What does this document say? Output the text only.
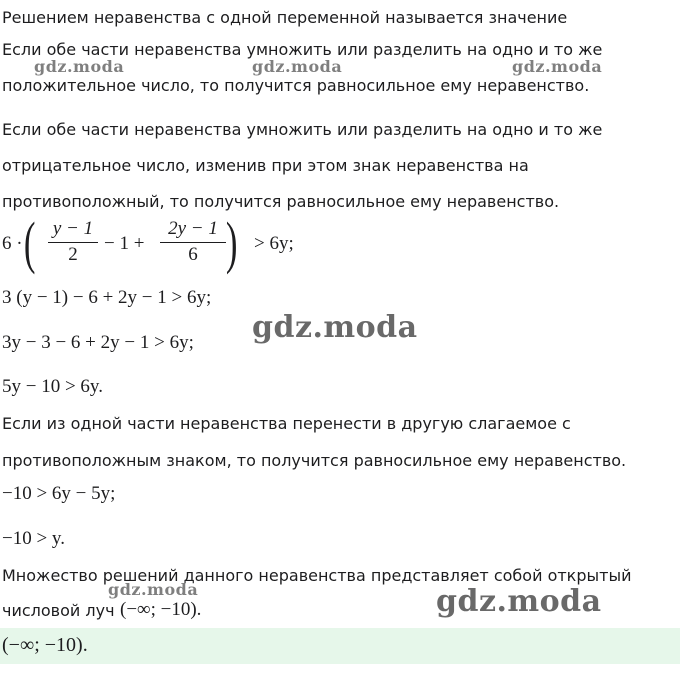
Решением неравенства с одной переменной называется значение
Если обе части неравенства умножить или разделить на одно и то же
положительное число, то получится равносильное ему неравенство.
Если обе части неравенства умножить или разделить на одно и то же
отрицательное число, изменив при этом знак неравенства на
противоположный, то получится равносильное ему неравенство.
6 · ( y − 1
2
− 1 +
2y − 1
6 ) > 6y;
3 (y − 1) − 6 + 2y − 1 > 6y;
3y − 3 − 6 + 2y − 1 > 6y;
5y − 10 > 6y.
Если из одной части неравенства перенести в другую слагаемое с
противоположным знаком, то получится равносильное ему неравенство.
−10 > 6y − 5y;
−10 > y.
Множество решений данного неравенства представляет собой открытый
числовой луч (−∞; −10).
(−∞; −10).
gdz.moda	gdz.moda	gdz.moda
gdz.moda
gdz.moda
gdz.moda
